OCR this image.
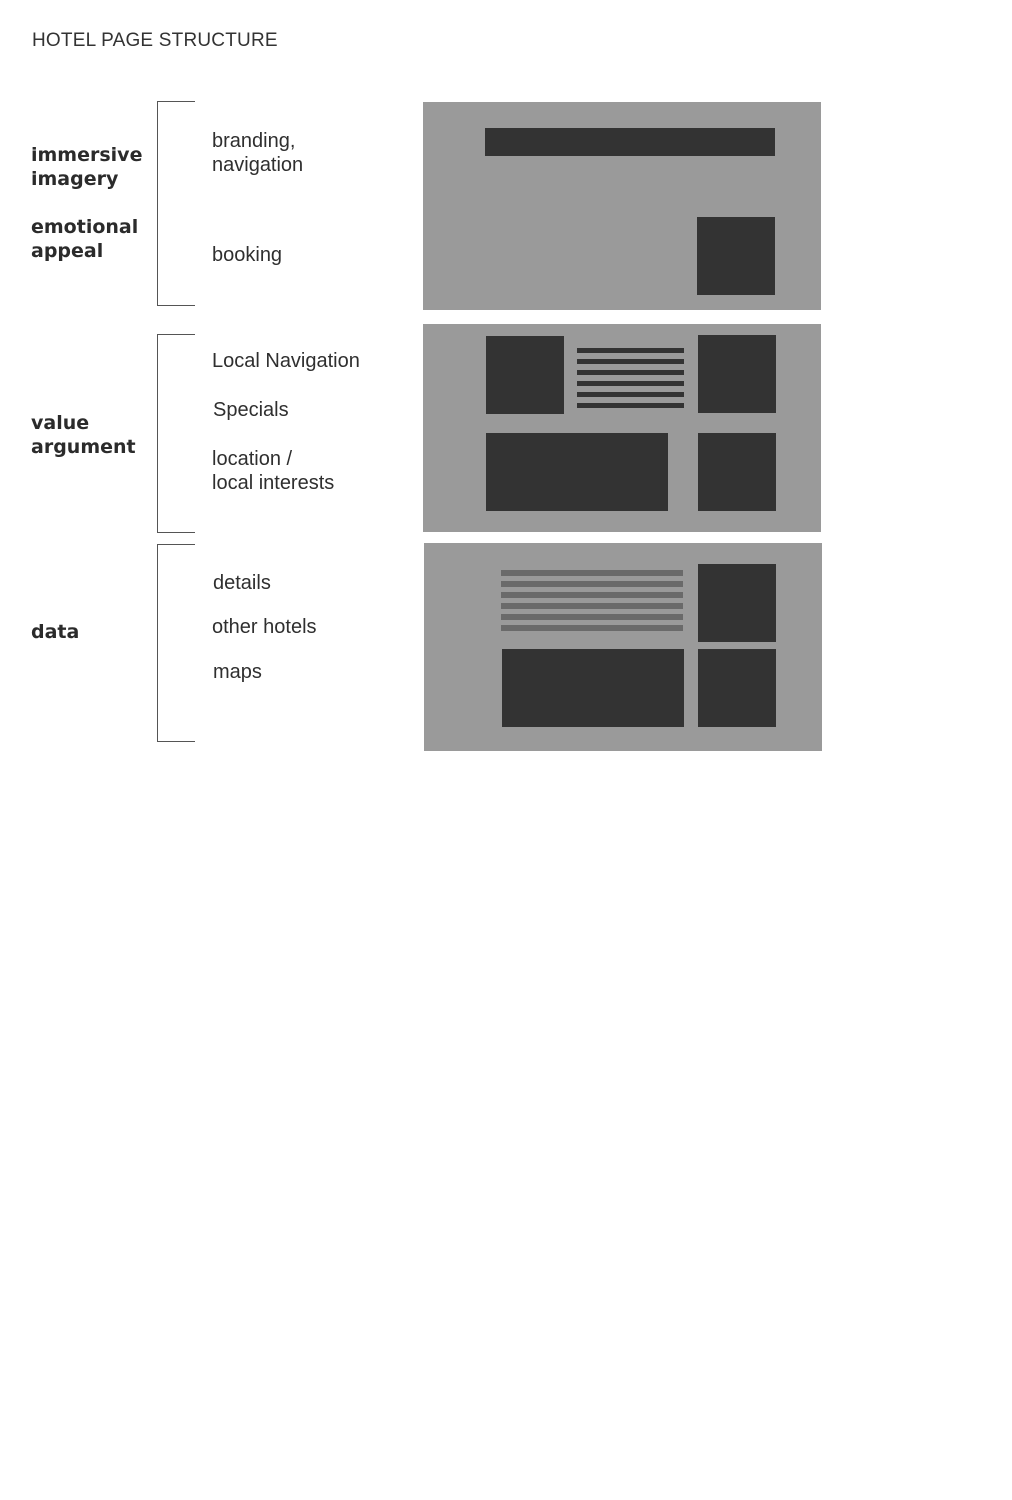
HOTEL PAGE STRUCTURE
immersive
imagery
emotional
appeal
branding,
navigation
booking
value
argument
Local Navigation
Specials
location /
local interests
data
details
other hotels
maps
